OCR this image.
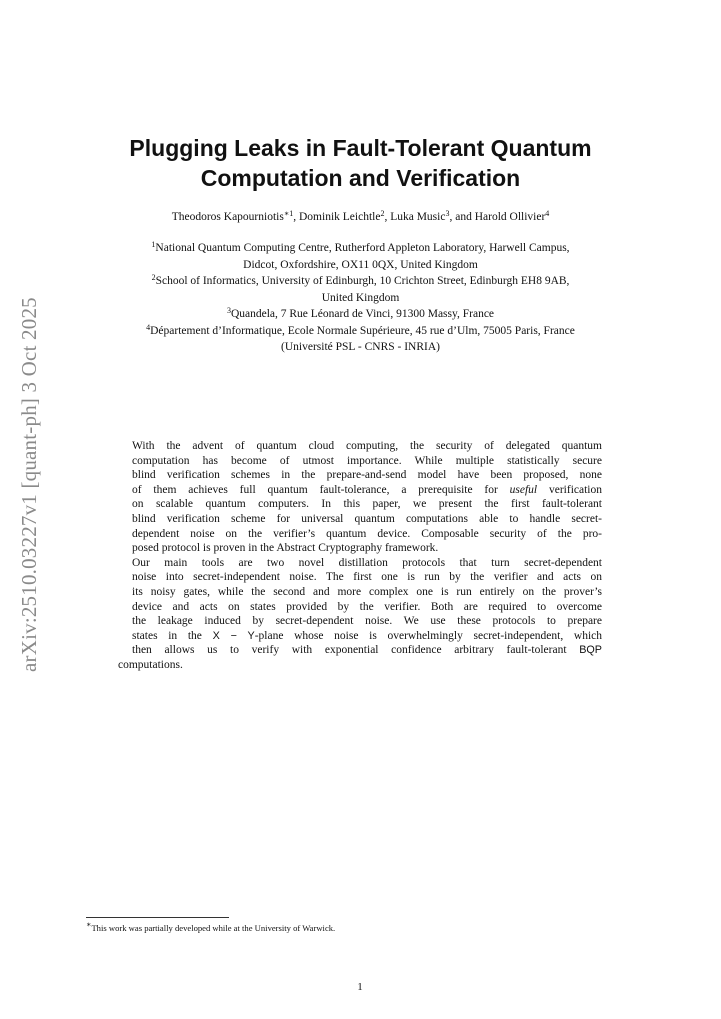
arXiv:2510.03227v1 [quant-ph] 3 Oct 2025
Plugging Leaks in Fault-Tolerant Quantum
Computation and Verification
Theodoros Kapourniotis$^{∗1}$, Dominik Leichtle$^2$, Luka Music$^3$, and Harold Ollivier$^4$
$^1$National Quantum Computing Centre, Rutherford Appleton Laboratory, Harwell Campus,
Didcot, Oxfordshire, OX11 0QX, United Kingdom
$^2$School of Informatics, University of Edinburgh, 10 Crichton Street, Edinburgh EH8 9AB,
United Kingdom
$^3$Quandela, 7 Rue Léonard de Vinci, 91300 Massy, France
$^4$Département d’Informatique, Ecole Normale Supérieure, 45 rue d’Ulm, 75005 Paris, France
(Université PSL - CNRS - INRIA)

With the advent of quantum cloud computing, the security of delegated quantum
computation has become of utmost importance. While multiple statistically secure
blind verification schemes in the prepare-and-send model have been proposed, none
of them achieves full quantum fault-tolerance, a prerequisite for useful verification
on scalable quantum computers. In this paper, we present the first fault-tolerant
blind verification scheme for universal quantum computations able to handle secret-
dependent noise on the verifier’s quantum device. Composable security of the pro-
posed protocol is proven in the Abstract Cryptography framework.

Our main tools are two novel distillation protocols that turn secret-dependent
noise into secret-independent noise. The first one is run by the verifier and acts on
its noisy gates, while the second and more complex one is run entirely on the prover’s
device and acts on states provided by the verifier. Both are required to overcome
the leakage induced by secret-dependent noise. We use these protocols to prepare
states in the X − Y-plane whose noise is overwhelmingly secret-independent, which
then allows us to verify with exponential confidence arbitrary fault-tolerant BQP
computations.

∗This work was partially developed while at the University of Warwick.
1
